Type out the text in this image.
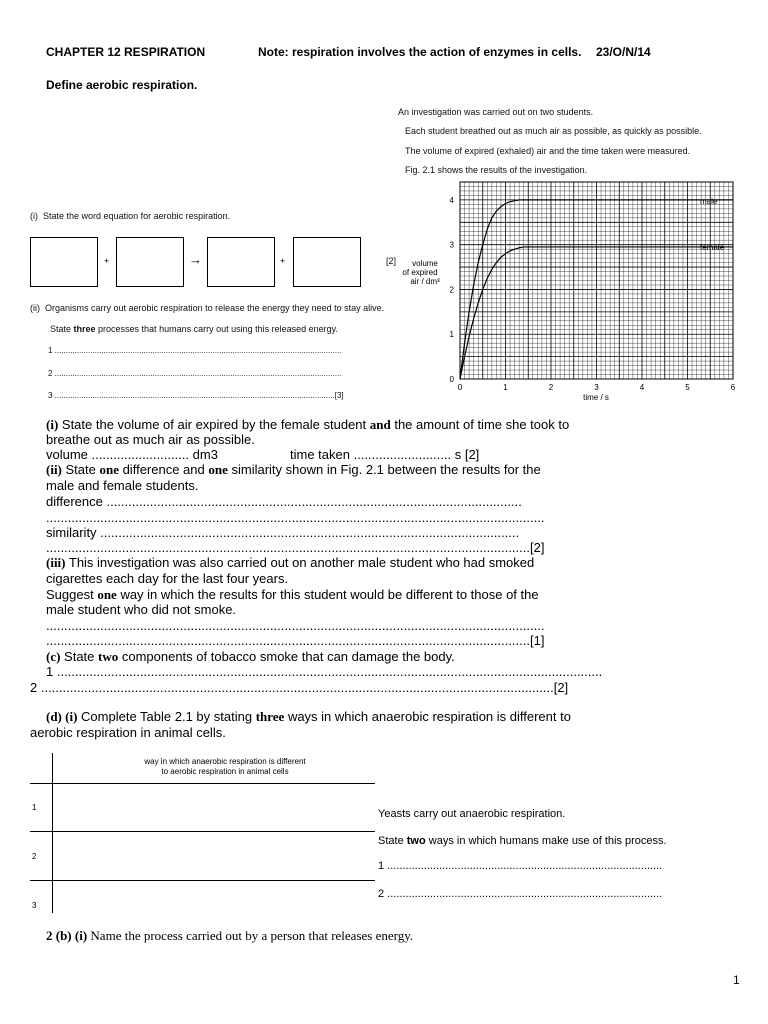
CHAPTER 12 RESPIRATION	Note: respiration involves the action of enzymes in cells. 23/O/N/14
Define aerobic respiration.
An investigation was carried out on two students.
Each student breathed out as much air as possible, as quickly as possible.
The volume of expired (exhaled) air and the time taken were measured.
Fig. 2.1 shows the results of the investigation.
(i) State the word equation for aerobic respiration.
+	→	+	[2]
(ii) Organisms carry out aerobic respiration to release the energy they need to stay alive.
State three processes that humans carry out using this released energy.
1 .................................................................................................................................
2 .................................................................................................................................
3 ..............................................................................................................................[3]
0	1	2	3	4	5	6
0
1
2
3
4	male
female
volume
of expired
air / dm³
time / s
(i) State the volume of air expired by the female student and the amount of time she took to
breathe out as much air as possible.
volume ........................... dm3	time taken ........................... s [2]
(ii) State one difference and one similarity shown in Fig. 2.1 between the results for the
male and female students.
difference ...................................................................................................................
..........................................................................................................................................
similarity ....................................................................................................................
......................................................................................................................................[2]
(iii) This investigation was also carried out on another male student who had smoked
cigarettes each day for the last four years.
Suggest one way in which the results for this student would be different to those of the
male student who did not smoke.
..........................................................................................................................................
......................................................................................................................................[1]
(c) State two components of tobacco smoke that can damage the body.
1 .......................................................................................................................................................
2 ..............................................................................................................................................[2]
(d) (i) Complete Table 2.1 by stating three ways in which anaerobic respiration is different to
aerobic respiration in animal cells.
way in which anaerobic respiration is different
to aerobic respiration in animal cells
1
2
3
Yeasts carry out anaerobic respiration.
State two ways in which humans make use of this process.
1 ..........................................................................................
2 ..........................................................................................
2 (b) (i) Name the process carried out by a person that releases energy.
1
